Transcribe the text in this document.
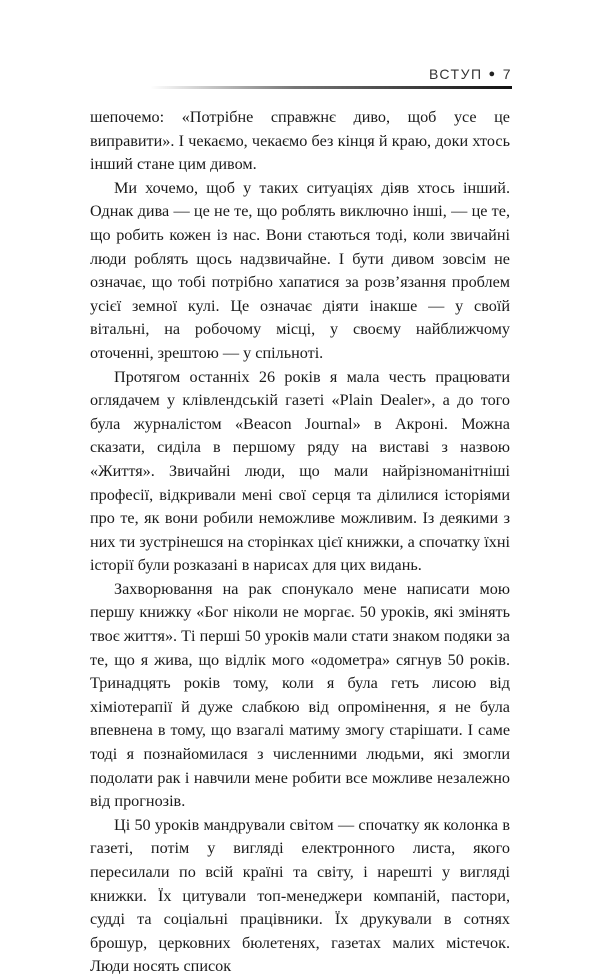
ВСТУП ● 7

шепочемо: «Потрібне справжнє диво, щоб усе це виправити». І чекаємо, чекаємо без кінця й краю, доки хтось інший стане цим дивом.

Ми хочемо, щоб у таких ситуаціях діяв хтось інший. Однак дива — це не те, що роблять виключно інші, — це те, що робить кожен із нас. Вони стаються тоді, коли звичайні люди роблять щось надзвичайне. І бути дивом зовсім не означає, що тобі потрібно хапатися за розв’язання проблем усієї земної кулі. Це означає діяти інакше — у своїй вітальні, на робочому місці, у своєму найближчому оточенні, зрештою — у спільноті.

Протягом останніх 26 років я мала честь працювати оглядачем у клівлендській газеті «Plain Dealer», а до того була журналістом «Beacon Journal» в Акроні. Можна сказати, сиділа в першому ряду на виставі з назвою «Життя». Звичайні люди, що мали найрізноманітніші професії, відкривали мені свої серця та ділилися історіями про те, як вони робили неможливе можливим. Із деякими з них ти зустрінешся на сторінках цієї книжки, а спочатку їхні історії були розказані в нарисах для цих видань.

Захворювання на рак спонукало мене написати мою першу книжку «Бог ніколи не моргає. 50 уроків, які змінять твоє життя». Ті перші 50 уроків мали стати знаком подяки за те, що я жива, що відлік мого «одометра» сягнув 50 років. Тринадцять років тому, коли я була геть лисою від хіміотерапії й дуже слабкою від опромінення, я не була впевнена в тому, що взагалі матиму змогу старішати. І саме тоді я познайомилася з численними людьми, які змогли подолати рак і навчили мене робити все можливе незалежно від прогнозів.

Ці 50 уроків мандрували світом — спочатку як колонка в газеті, потім у вигляді електронного листа, якого пересилали по всій країні та світу, і нарешті у вигляді книжки. Їх цитували топ-менеджери компаній, пастори, судді та соціальні працівники. Їх друкували в сотнях брошур, церковних бюлетенях, газетах малих містечок. Люди носять список
